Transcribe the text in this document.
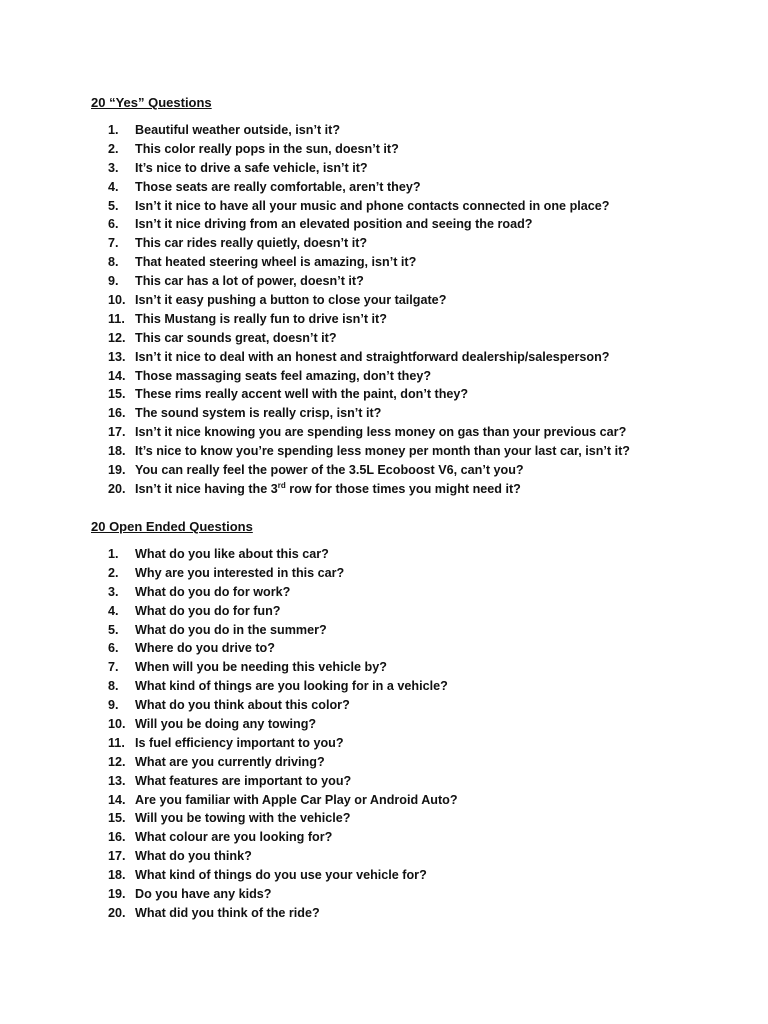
20 “Yes” Questions
1.	Beautiful weather outside, isn’t it?
2.	This color really pops in the sun, doesn’t it?
3.	It’s nice to drive a safe vehicle, isn’t it?
4.	Those seats are really comfortable, aren’t they?
5.	Isn’t it nice to have all your music and phone contacts connected in one place?
6.	Isn’t it nice driving from an elevated position and seeing the road?
7.	This car rides really quietly, doesn’t it?
8.	That heated steering wheel is amazing, isn’t it?
9.	This car has a lot of power, doesn’t it?
10. Isn’t it easy pushing a button to close your tailgate?
11. This Mustang is really fun to drive isn’t it?
12. This car sounds great, doesn’t it?
13. Isn’t it nice to deal with an honest and straightforward dealership/salesperson?
14. Those massaging seats feel amazing, don’t they?
15. These rims really accent well with the paint, don’t they?
16. The sound system is really crisp, isn’t it?
17. Isn’t it nice knowing you are spending less money on gas than your previous car?
18. It’s nice to know you’re spending less money per month than your last car, isn’t it?
19. You can really feel the power of the 3.5L Ecoboost V6, can’t you?
20. Isn’t it nice having the 3rd row for those times you might need it?
20 Open Ended Questions
1.	What do you like about this car?
2.	Why are you interested in this car?
3.	What do you do for work?
4.	What do you do for fun?
5.	What do you do in the summer?
6.	Where do you drive to?
7.	When will you be needing this vehicle by?
8.	What kind of things are you looking for in a vehicle?
9.	What do you think about this color?
10. Will you be doing any towing?
11. Is fuel efficiency important to you?
12. What are you currently driving?
13. What features are important to you?
14. Are you familiar with Apple Car Play or Android Auto?
15. Will you be towing with the vehicle?
16. What colour are you looking for?
17. What do you think?
18. What kind of things do you use your vehicle for?
19. Do you have any kids?
20. What did you think of the ride?
